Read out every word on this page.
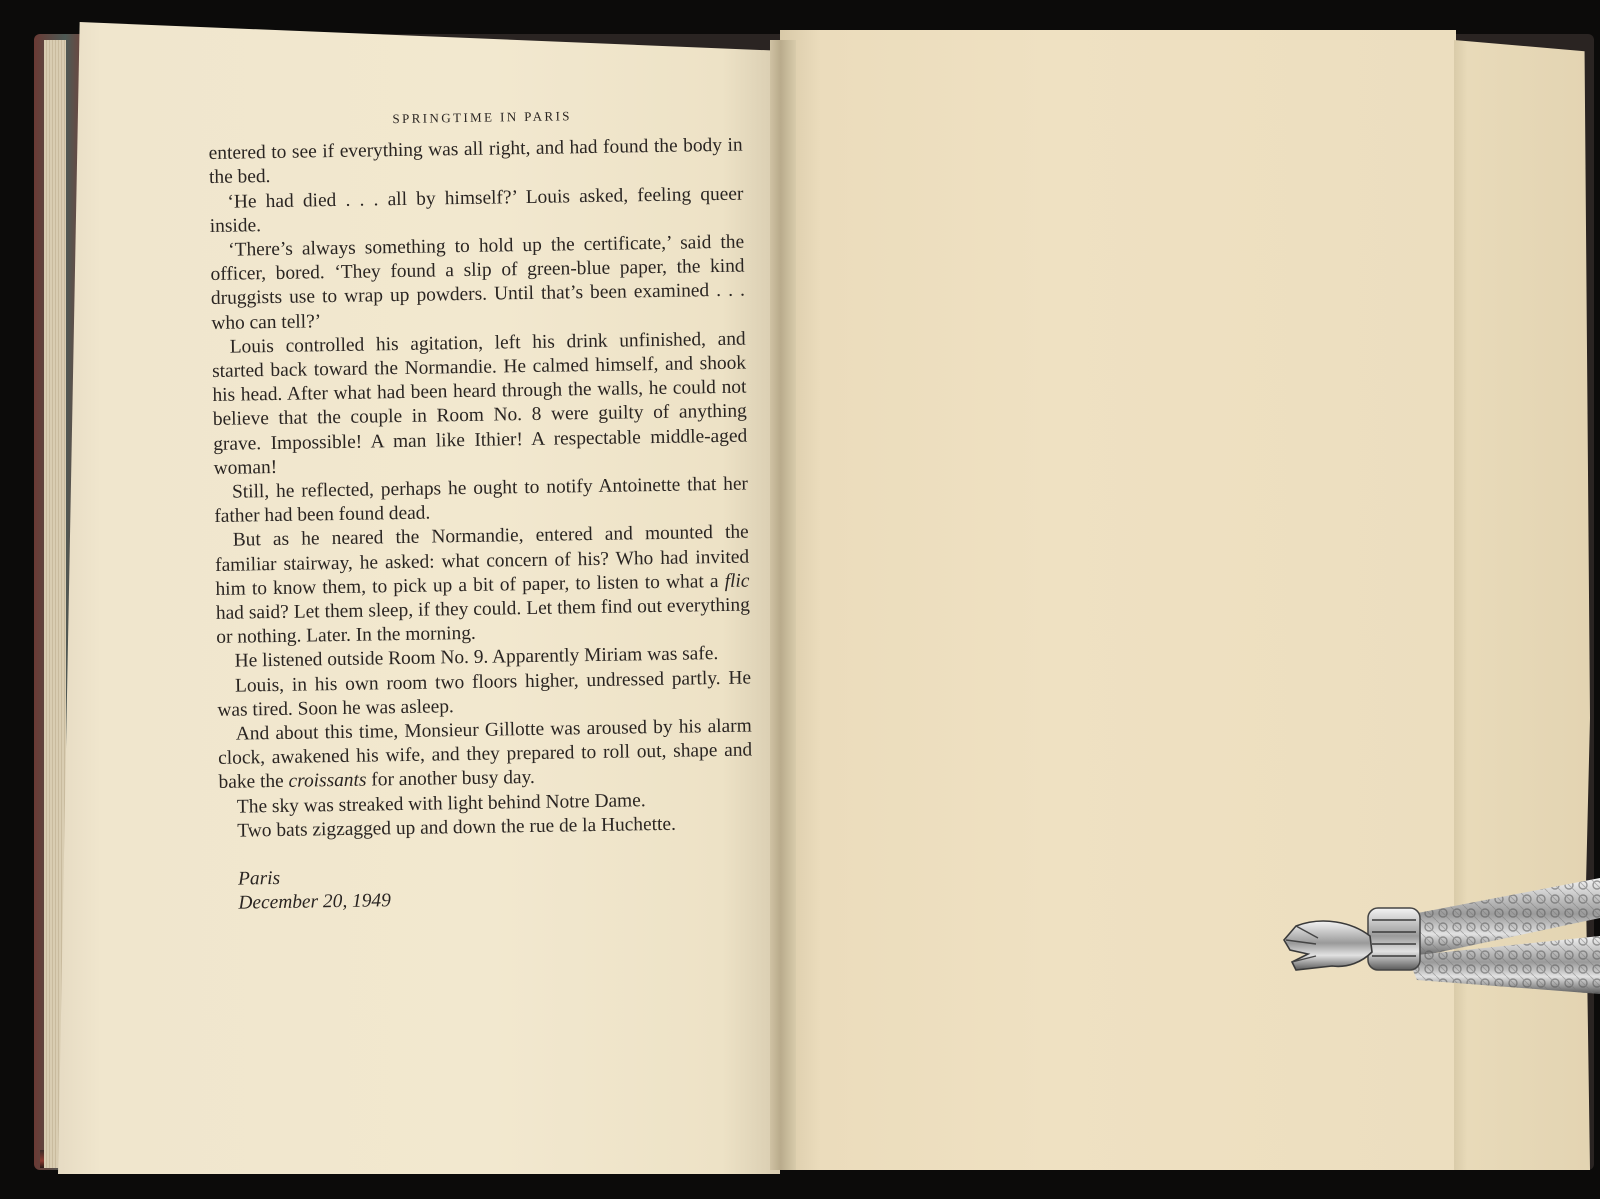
SPRINGTIME IN PARIS

entered to see if everything was all right, and had found the body in the bed.

‘He had died . . . all by himself?’ Louis asked, feeling queer inside.

‘There’s always something to hold up the certificate,’ said the officer, bored. ‘They found a slip of green-blue paper, the kind druggists use to wrap up powders. Until that’s been examined . . . who can tell?’

Louis controlled his agitation, left his drink unfinished, and started back toward the Normandie. He calmed himself, and shook his head. After what had been heard through the walls, he could not believe that the couple in Room No. 8 were guilty of anything grave. Impossible! A man like Ithier! A respectable middle-aged woman!

Still, he reflected, perhaps he ought to notify Antoinette that her father had been found dead.

But as he neared the Normandie, entered and mounted the familiar stairway, he asked: what concern of his? Who had invited him to know them, to pick up a bit of paper, to listen to what a flic had said? Let them sleep, if they could. Let them find out everything or nothing. Later. In the morning.

He listened outside Room No. 9. Apparently Miriam was safe.

Louis, in his own room two floors higher, undressed partly. He was tired. Soon he was asleep.

And about this time, Monsieur Gillotte was aroused by his alarm clock, awakened his wife, and they prepared to roll out, shape and bake the croissants for another busy day.

The sky was streaked with light behind Notre Dame.

Two bats zigzagged up and down the rue de la Huchette.

Paris
December 20, 1949
